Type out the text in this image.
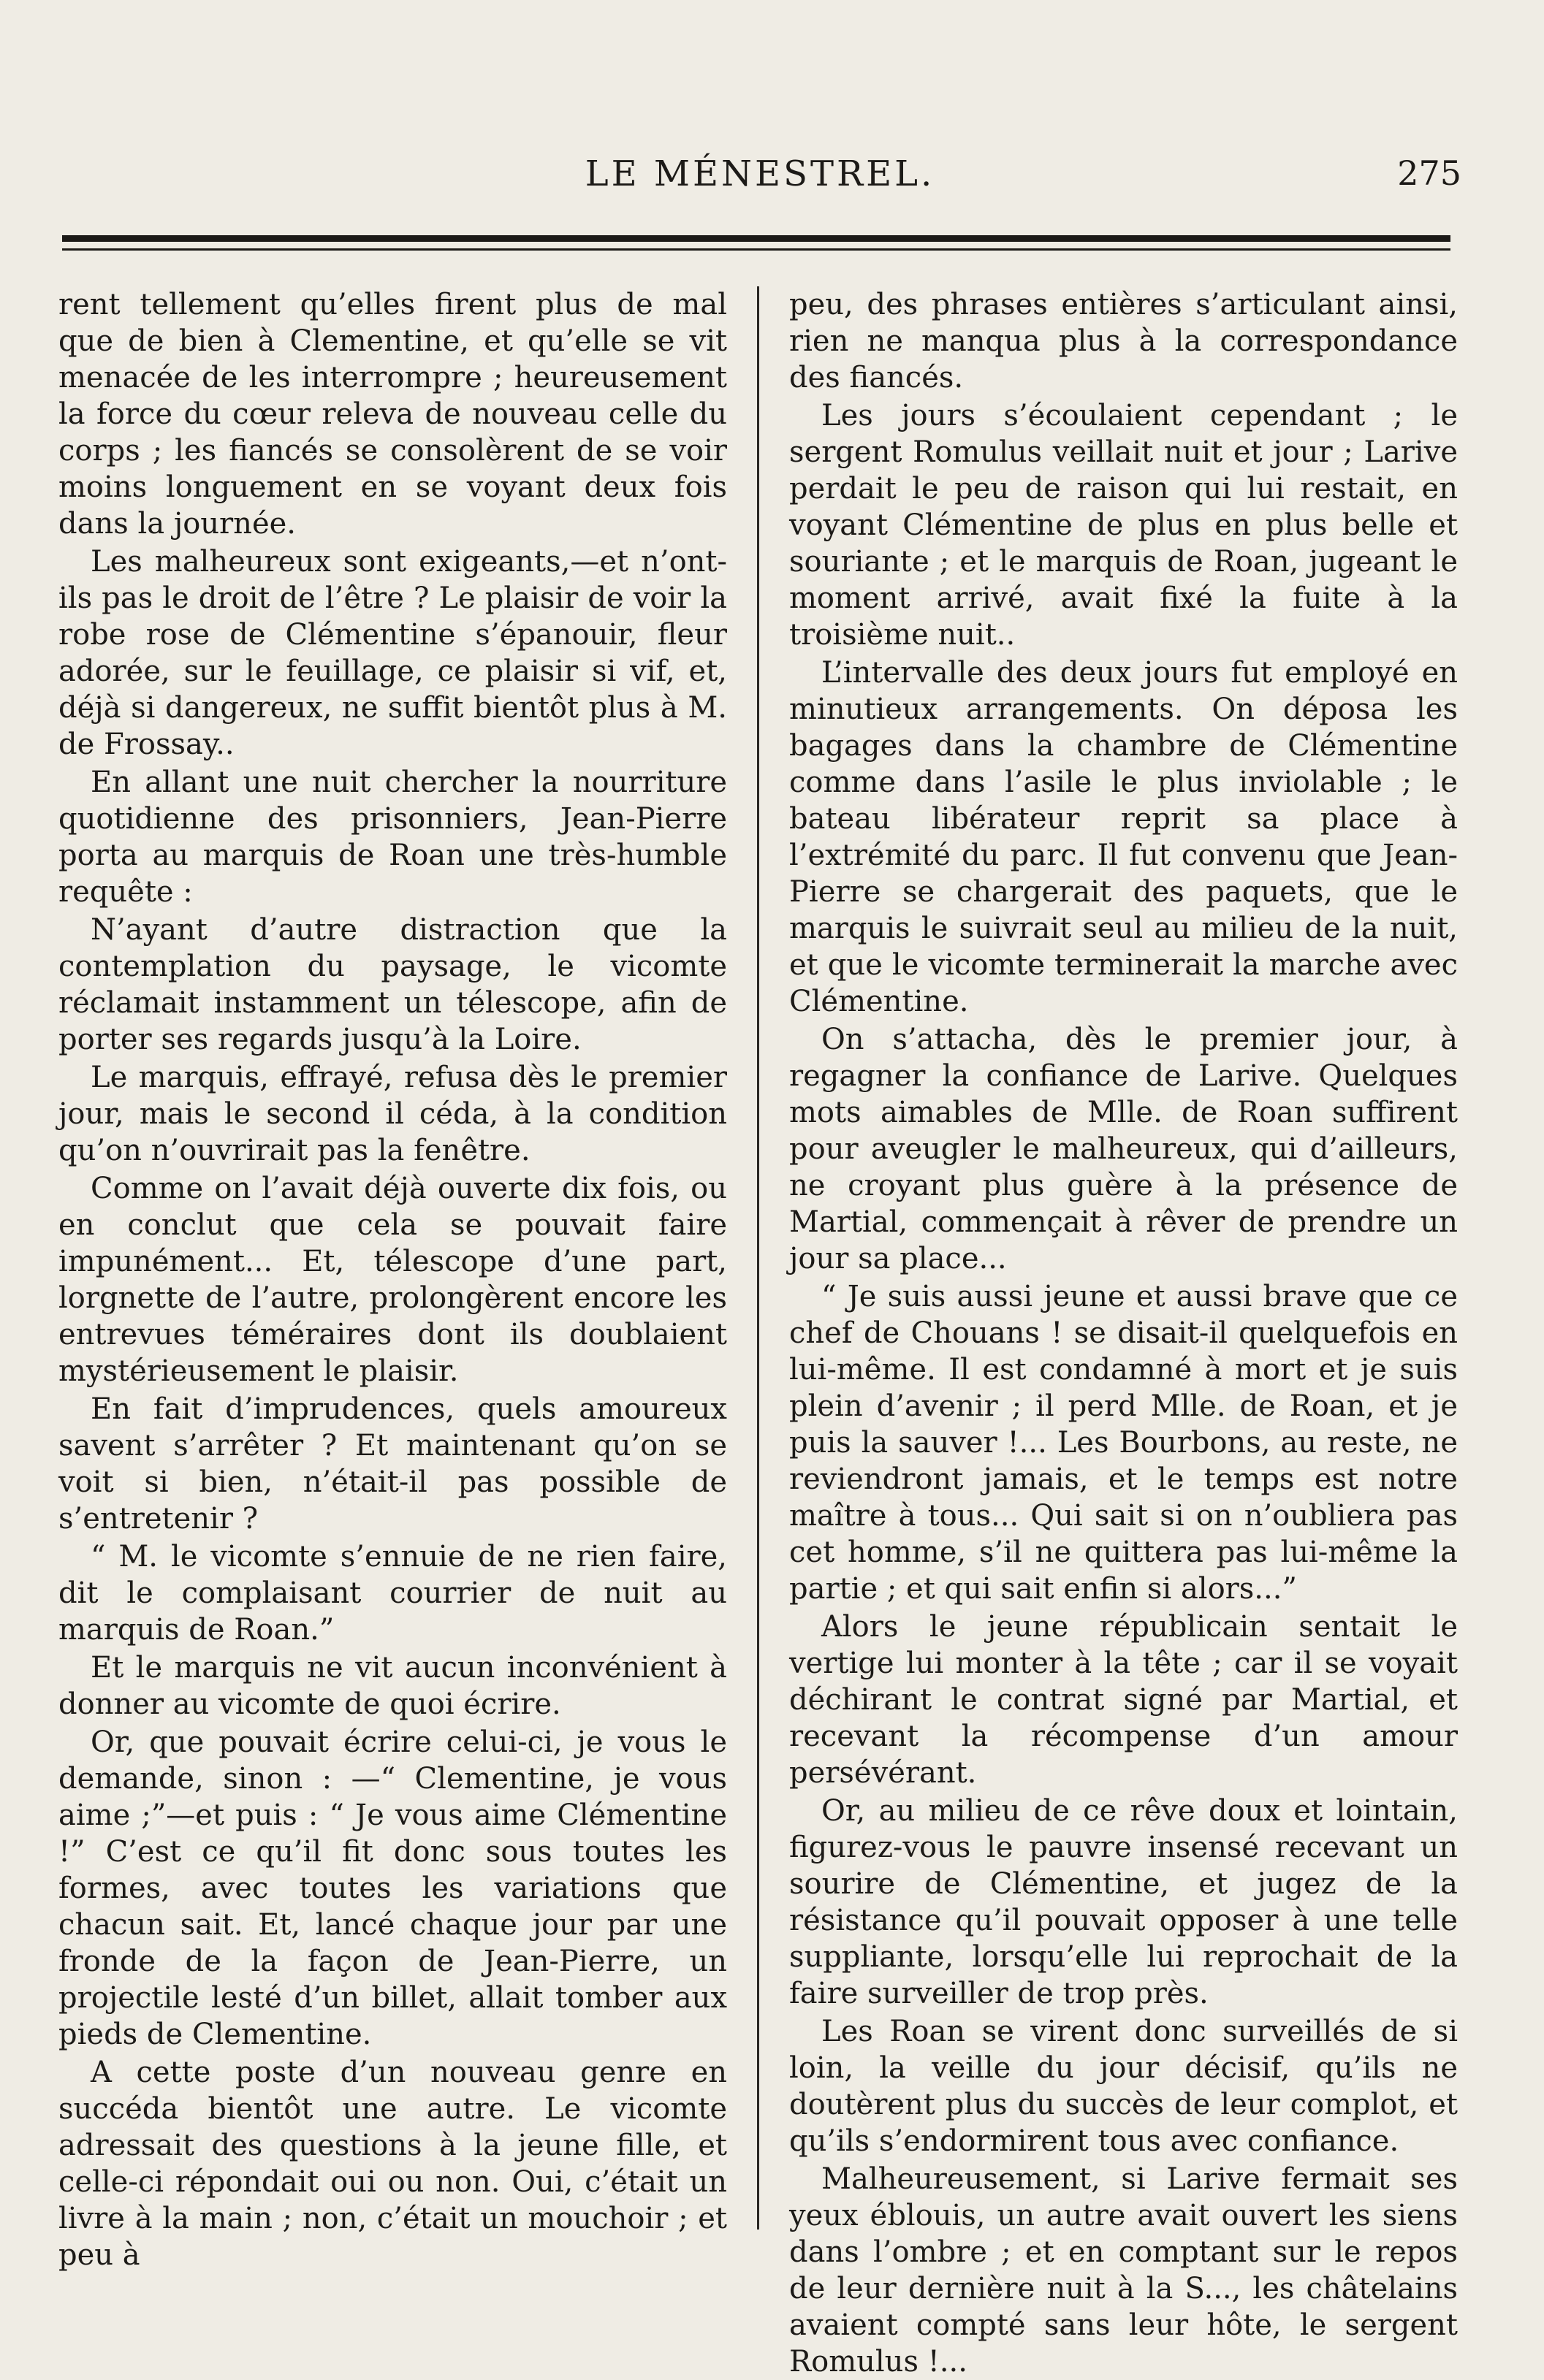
LE MÉNESTREL.	275

rent tellement qu’elles firent plus de mal que de bien à Clementine, et qu’elle se vit menacée de les interrompre ; heureusement la force du cœur releva de nouveau celle du corps ; les fiancés se consolèrent de se voir moins longuement en se voyant deux fois dans la journée.

Les malheureux sont exigeants,—et n’ont-ils pas le droit de l’être ? Le plaisir de voir la robe rose de Clémentine s’épanouir, fleur adorée, sur le feuillage, ce plaisir si vif, et, déjà si dangereux, ne suffit bientôt plus à M. de Frossay..

En allant une nuit chercher la nourriture quotidienne des prisonniers, Jean-Pierre porta au marquis de Roan une très-humble requête :

N’ayant d’autre distraction que la contemplation du paysage, le vicomte réclamait instamment un télescope, afin de porter ses regards jusqu’à la Loire.

Le marquis, effrayé, refusa dès le premier jour, mais le second il céda, à la condition qu’on n’ouvrirait pas la fenêtre.

Comme on l’avait déjà ouverte dix fois, ou en conclut que cela se pouvait faire impunément... Et, télescope d’une part, lorgnette de l’autre, prolongèrent encore les entrevues téméraires dont ils doublaient mystérieusement le plaisir.

En fait d’imprudences, quels amoureux savent s’arrêter ? Et maintenant qu’on se voit si bien, n’était-il pas possible de s’entretenir ?

“ M. le vicomte s’ennuie de ne rien faire, dit le complaisant courrier de nuit au marquis de Roan.”

Et le marquis ne vit aucun inconvénient à donner au vicomte de quoi écrire.

Or, que pouvait écrire celui-ci, je vous le demande, sinon : —“ Clementine, je vous aime ;”—et puis : “ Je vous aime Clémentine !” C’est ce qu’il fit donc sous toutes les formes, avec toutes les variations que chacun sait. Et, lancé chaque jour par une fronde de la façon de Jean-Pierre, un projectile lesté d’un billet, allait tomber aux pieds de Clementine.

A cette poste d’un nouveau genre en succéda bientôt une autre. Le vicomte adressait des questions à la jeune fille, et celle-ci répondait oui ou non. Oui, c’était un livre à la main ; non, c’était un mouchoir ; et peu à

peu, des phrases entières s’articulant ainsi, rien ne manqua plus à la correspondance des fiancés.

Les jours s’écoulaient cependant ; le sergent Romulus veillait nuit et jour ; Larive perdait le peu de raison qui lui restait, en voyant Clémentine de plus en plus belle et souriante ; et le marquis de Roan, jugeant le moment arrivé, avait fixé la fuite à la troisième nuit..

L’intervalle des deux jours fut employé en minutieux arrangements. On déposa les bagages dans la chambre de Clémentine comme dans l’asile le plus inviolable ; le bateau libérateur reprit sa place à l’extrémité du parc. Il fut convenu que Jean-Pierre se chargerait des paquets, que le marquis le suivrait seul au milieu de la nuit, et que le vicomte terminerait la marche avec Clémentine.

On s’attacha, dès le premier jour, à regagner la confiance de Larive. Quelques mots aimables de Mlle. de Roan suffirent pour aveugler le malheureux, qui d’ailleurs, ne croyant plus guère à la présence de Martial, commençait à rêver de prendre un jour sa place...

“ Je suis aussi jeune et aussi brave que ce chef de Chouans ! se disait-il quelquefois en lui-même. Il est condamné à mort et je suis plein d’avenir ; il perd Mlle. de Roan, et je puis la sauver !... Les Bourbons, au reste, ne reviendront jamais, et le temps est notre maître à tous... Qui sait si on n’oubliera pas cet homme, s’il ne quittera pas lui-même la partie ; et qui sait enfin si alors...”

Alors le jeune républicain sentait le vertige lui monter à la tête ; car il se voyait déchirant le contrat signé par Martial, et recevant la récompense d’un amour persévérant.

Or, au milieu de ce rêve doux et lointain, figurez-vous le pauvre insensé recevant un sourire de Clémentine, et jugez de la résistance qu’il pouvait opposer à une telle suppliante, lorsqu’elle lui reprochait de la faire surveiller de trop près.

Les Roan se virent donc surveillés de si loin, la veille du jour décisif, qu’ils ne doutèrent plus du succès de leur complot, et qu’ils s’endormirent tous avec confiance.

Malheureusement, si Larive fermait ses yeux éblouis, un autre avait ouvert les siens dans l’ombre ; et en comptant sur le repos de leur dernière nuit à la S..., les châtelains avaient compté sans leur hôte, le sergent Romulus !...
